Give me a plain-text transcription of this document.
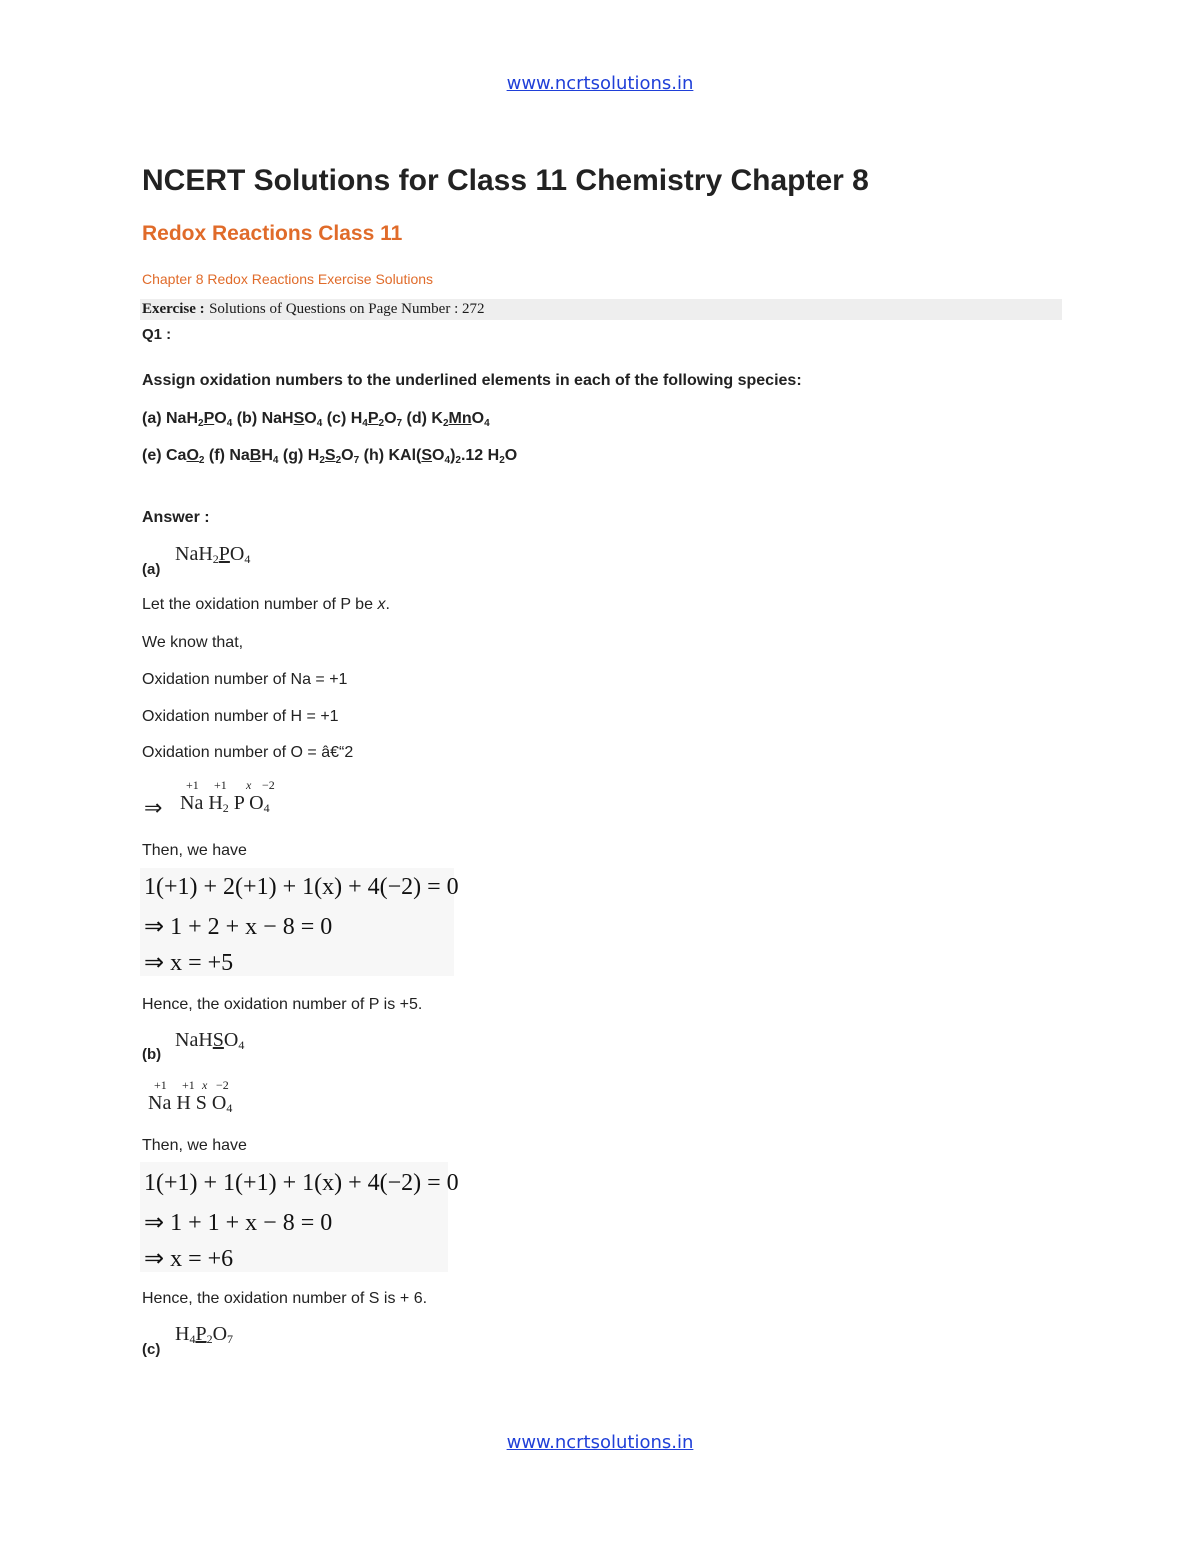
www.ncrtsolutions.in
NCERT Solutions for Class 11 Chemistry Chapter 8
Redox Reactions Class 11
Chapter 8 Redox Reactions Exercise Solutions
Exercise : Solutions of Questions on Page Number : 272
Q1 :
Assign oxidation numbers to the underlined elements in each of the following species:
(a) $NaH_2PO_4$ (b) NaHSO$_4$ (c) $H_4P_2O_7$ (d) $K_2MnO_4$
(e) CaO$_2$ (f) NaBH$_4$ (g) $H_2S_2O_7$ (h) $KAl(SO_4)_2.12$ $H_2O$
Answer :
(a)
$NaH_2PO_4$
Let the oxidation number of P be x.
We know that,
Oxidation number of Na = +1
Oxidation number of H = +1
Oxidation number of O = â€“2
+1 +1 x −2
⇒ Na $H_2$ P $O_4$
Then, we have
1(+1) + 2(+1) + 1(x) + 4(−2) = 0
⇒ 1 + 2 + x − 8 = 0
⇒ x = +5
Hence, the oxidation number of P is +5.
(b)
NaHSO$_4$
+1 +1 x −2
Na H S $O_4$
Then, we have
1(+1) + 1(+1) + 1(x) + 4(−2) = 0
⇒ 1 + 1 + x − 8 = 0
⇒ x = +6
Hence, the oxidation number of S is + 6.
(c)
$H_4P_2O_7$
www.ncrtsolutions.in
